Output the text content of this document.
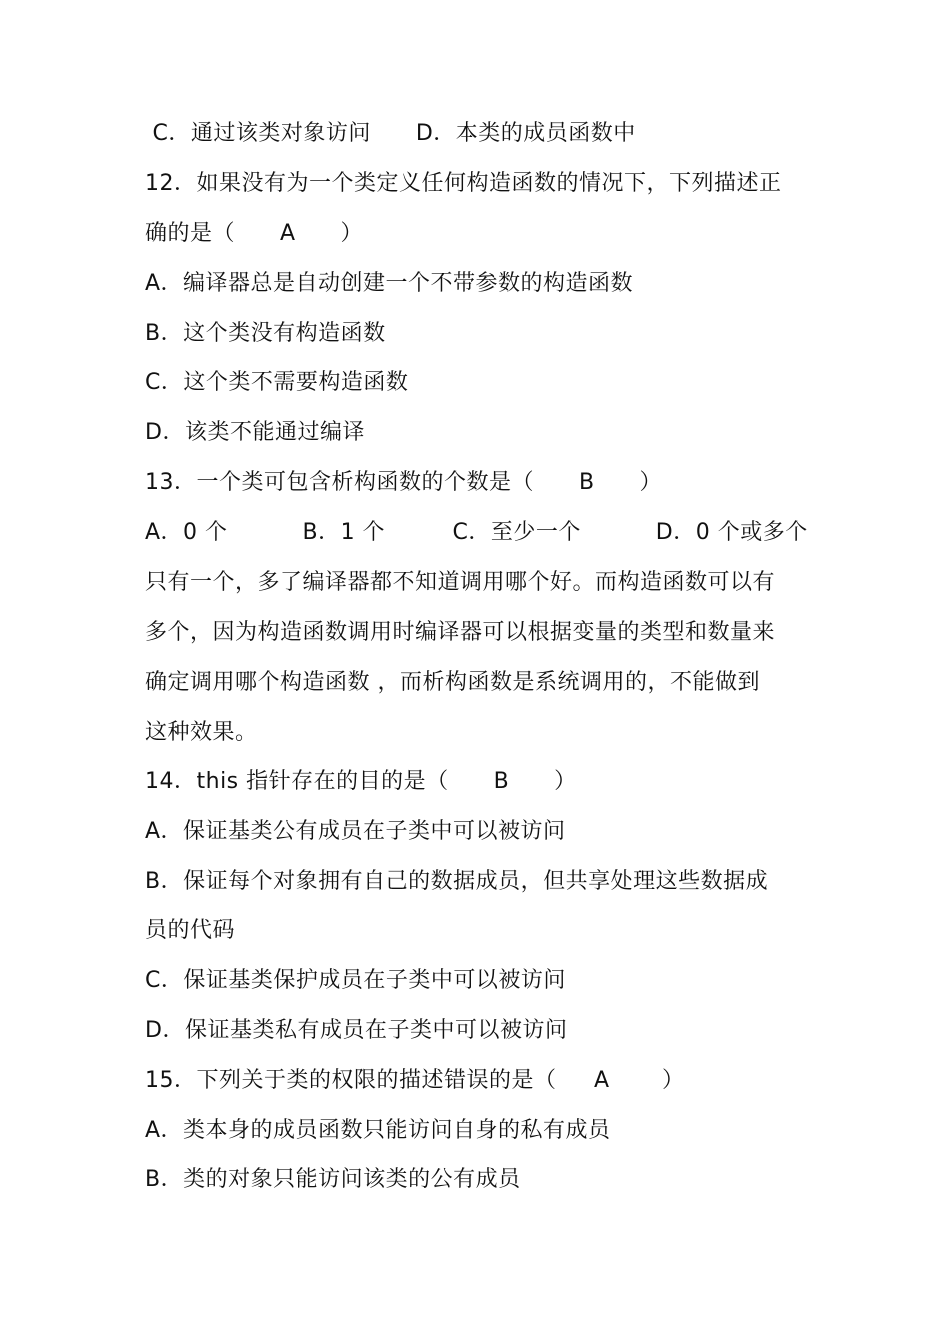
C．通过该类对象访问      D．本类的成员函数中
12．如果没有为一个类定义任何构造函数的情况下，下列描述正
确的是（      A      ）
A．编译器总是自动创建一个不带参数的构造函数
B．这个类没有构造函数
C．这个类不需要构造函数
D．该类不能通过编译
13．一个类可包含析构函数的个数是（      B      ）
A．0 个          B．1 个         C．至少一个          D．0 个或多个
只有一个，多了编译器都不知道调用哪个好。而构造函数可以有
多个，因为构造函数调用时编译器可以根据变量的类型和数量来
确定调用哪个构造函数 ，而析构函数是系统调用的，不能做到
这种效果。
14．this 指针存在的目的是（      B      ）
A．保证基类公有成员在子类中可以被访问
B．保证每个对象拥有自己的数据成员，但共享处理这些数据成
员的代码
C．保证基类保护成员在子类中可以被访问
D．保证基类私有成员在子类中可以被访问
15．下列关于类的权限的描述错误的是（     A       ）
A．类本身的成员函数只能访问自身的私有成员
B．类的对象只能访问该类的公有成员
